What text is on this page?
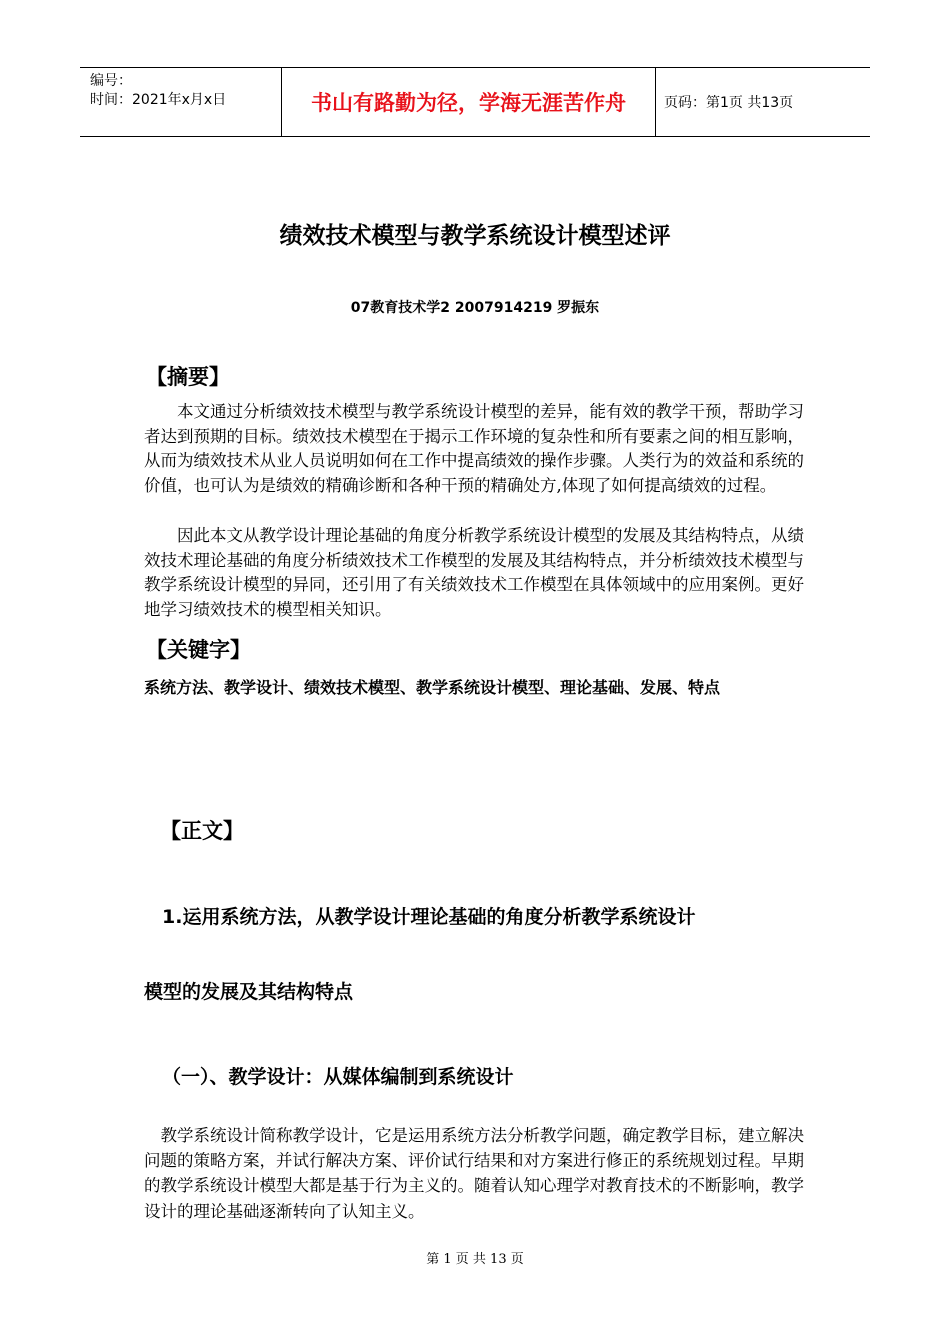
编号：
时间：2021年x月x日	书山有路勤为径，学海无涯苦作舟	页码：第1页 共13页
绩效技术模型与教学系统设计模型述评
07教育技术学2 2007914219 罗振东
【摘要】

本文通过分析绩效技术模型与教学系统设计模型的差异，能有效的教学干预，帮助学习者达到预期的目标。绩效技术模型在于揭示工作环境的复杂性和所有要素之间的相互影响，从而为绩效技术从业人员说明如何在工作中提高绩效的操作步骤。人类行为的效益和系统的价值，也可认为是绩效的精确诊断和各种干预的精确处方,体现了如何提高绩效的过程。

因此本文从教学设计理论基础的角度分析教学系统设计模型的发展及其结构特点，从绩效技术理论基础的角度分析绩效技术工作模型的发展及其结构特点，并分析绩效技术模型与教学系统设计模型的异同，还引用了有关绩效技术工作模型在具体领域中的应用案例。更好地学习绩效技术的模型相关知识。

【关键字】
系统方法、教学设计、绩效技术模型、教学系统设计模型、理论基础、发展、特点
【正文】
1.运用系统方法，从教学设计理论基础的角度分析教学系统设计
模型的发展及其结构特点
（一）、教学设计：从媒体编制到系统设计

教学系统设计简称教学设计，它是运用系统方法分析教学问题，确定教学目标，建立解决问题的策略方案，并试行解决方案、评价试行结果和对方案进行修正的系统规划过程。早期的教学系统设计模型大都是基于行为主义的。随着认知心理学对教育技术的不断影响，教学设计的理论基础逐渐转向了认知主义。

第 1 页 共 13 页
